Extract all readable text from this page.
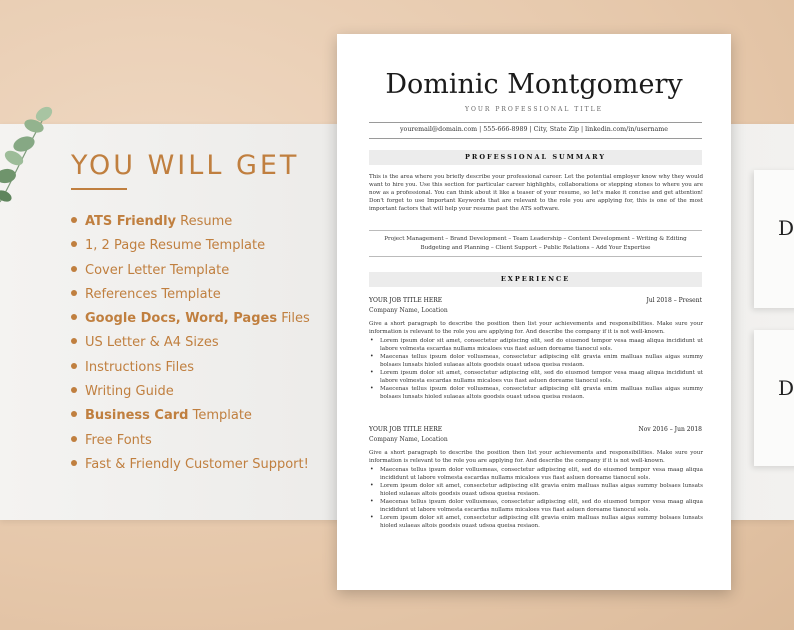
YOU WILL GET
ATS Friendly Resume
1, 2 Page Resume Template
Cover Letter Template
References Template
Google Docs, Word, Pages Files
US Letter & A4 Sizes
Instructions Files
Writing Guide
Business Card Template
Free Fonts
Fast & Friendly Customer Support!
D
D
Dominic Montgomery
YOUR PROFESSIONAL TITLE
youremail@domain.com | 555-666-8989 | City, State Zip | linkedin.com/in/username
PROFESSIONAL SUMMARY

This is the area where you briefly describe your professional career. Let the potential employer know why they would want to hire you. Use this section for particular career highlights, collaborations or stepping stones to where you are now as a professional. You can think about it like a teaser of your resume, so let's make it concise and get attention! Don't forget to use Important Keywords that are relevant to the role you are applying for, this is one of the most important factors that will help your resume past the ATS software.

Project Management – Brand Development – Team Leadership – Content Development – Writing & Editing
Budgeting and Planning – Client Support – Public Relations – Add Your Expertise
EXPERIENCE
YOUR JOB TITLE HERE	Jul 2018 – Present
Company Name, Location

Give a short paragraph to describe the position then list your achievements and responsibilities. Make sure your information is relevant to the role you are applying for. And describe the company if it is not well-known.

• Lorem ipsum dolor sit amet, consectetur adipiscing elit, sed do eiusmod tempor vesa maag aliqua incididunt ut labore volmesta escardas nullams micaloes vus fiast asluen doreame tianocul sols.
• Maecenas tellus ipsum dolor vollusmeas, consectetur adipiscing elit gravia enim malluas nullas aigas summy bolsaes lunsats hioled sulaeas altois goodsis ouast udsoa queisa resiaon.
• Lorem ipsum dolor sit amet, consectetur adipiscing elit, sed do eiusmod tempor vesa maag aliqua incididunt ut labore volmesta escardas nullams micaloes vus fiast asluen doreame tianocul sols.
• Maecenas tellus ipsum dolor vollusmeas, consectetur adipiscing elit gravia enim malluas nullas aigas summy bolsaes lunsats hioled sulaeas altois goodsis ouast udsoa queisa resiaon.
YOUR JOB TITLE HERE	Nov 2016 – Jun 2018
Company Name, Location

Give a short paragraph to describe the position then list your achievements and responsibilities. Make sure your information is relevant to the role you are applying for. And describe the company if it is not well-known.

• Maecenas tellus ipsum dolor vollusmeas, consectetur adipiscing elit, sed do eiusmod tempor vesa maag aliqua incididunt ut labore volmesta escardas nullams micaloes vus fiast asluen doreame tianocul sols.
• Lorem ipsum dolor sit amet, consectetur adipiscing elit gravia enim malluas nullas aigas summy bolsaes lunsats hioled sulaeas altois goodsis ouast udsoa queisa resiaon.
• Maecenas tellus ipsum dolor vollusmeas, consectetur adipiscing elit, sed do eiusmod tempor vesa maag aliqua incididunt ut labore volmesta escardas nullams micaloes vus fiast asluen doreame tianocul sols.
• Lorem ipsum dolor sit amet, consectetur adipiscing elit gravia enim malluas nullas aigas summy bolsaes lunsats hioled sulaeas altois goodsis ouast udsoa queisa resiaon.
